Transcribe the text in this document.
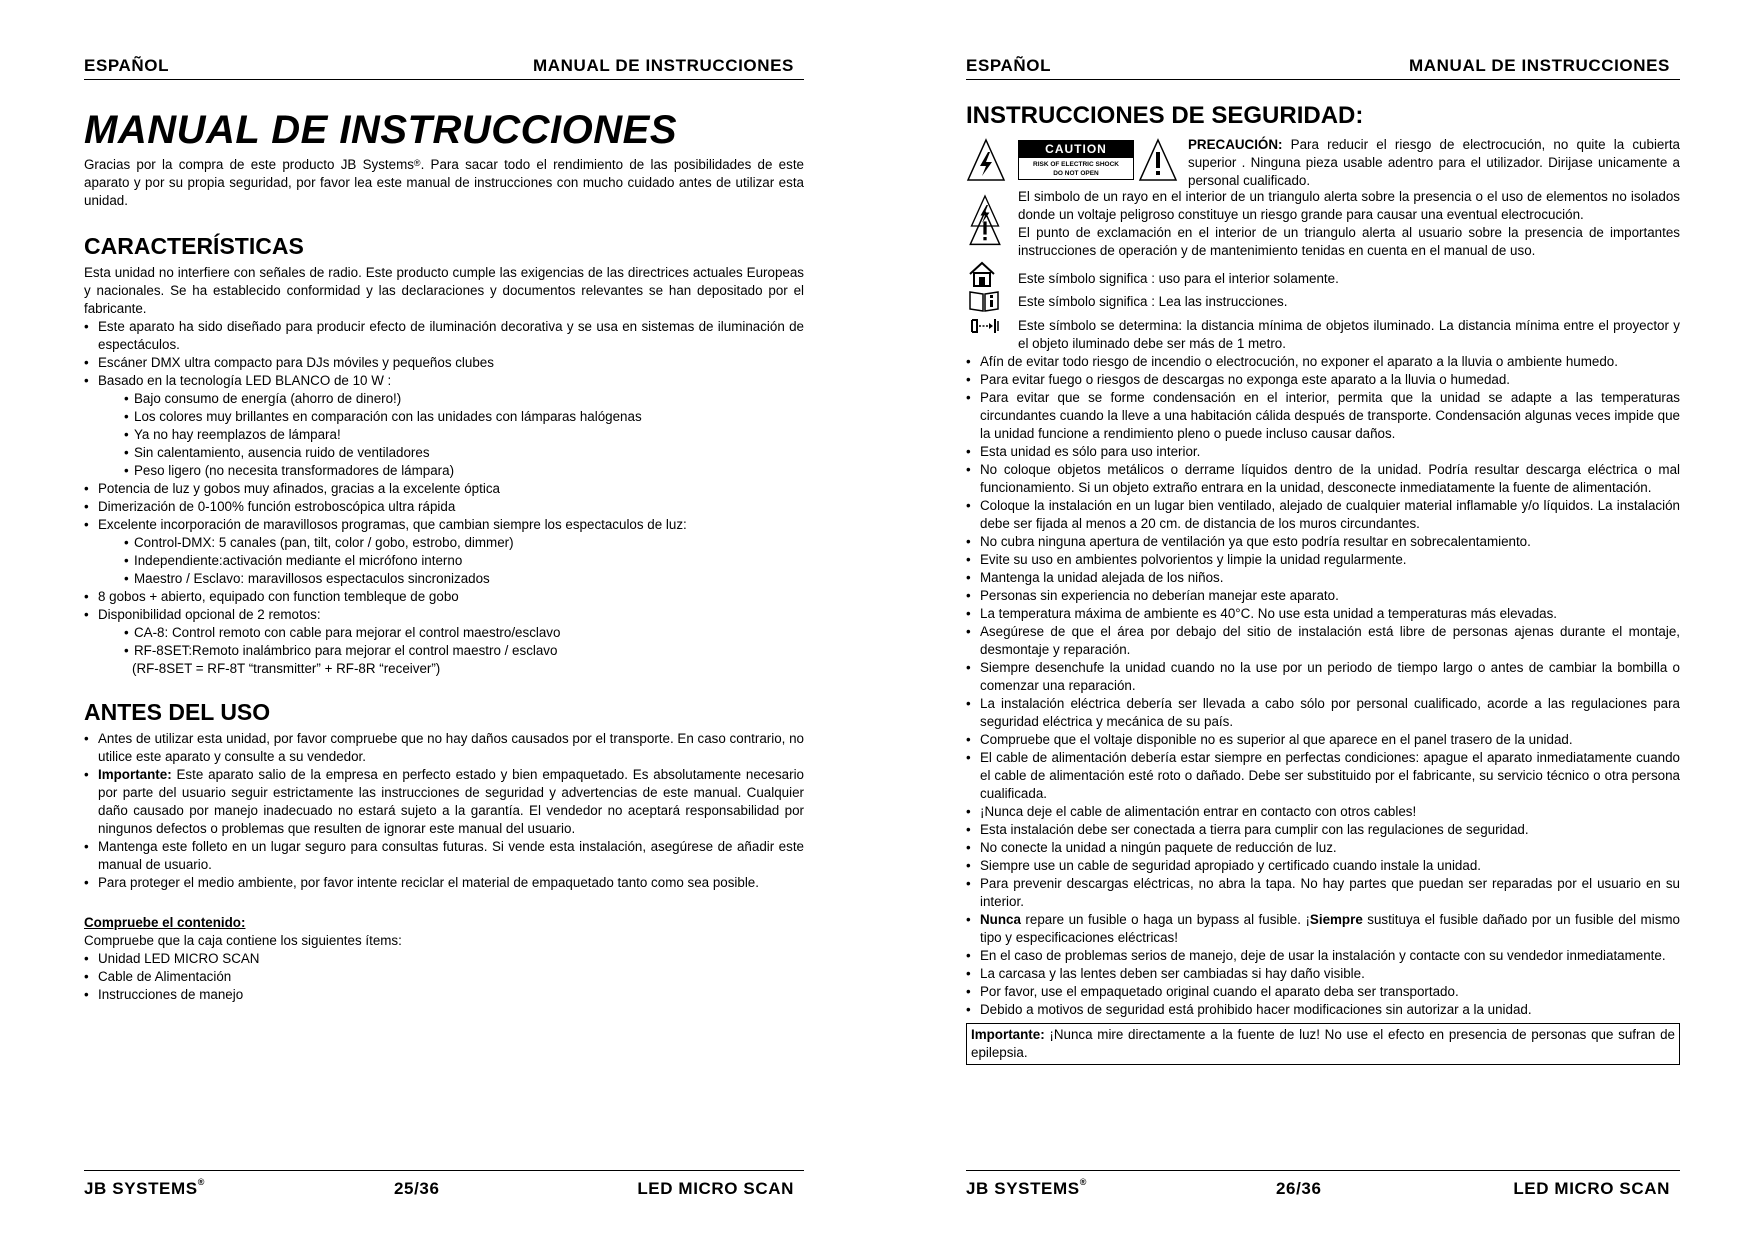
ESPAÑOL	MANUAL DE INSTRUCCIONES
MANUAL DE INSTRUCCIONES

Gracias por la compra de este producto JB Systems®. Para sacar todo el rendimiento de las posibilidades de este aparato y por su propia seguridad, por favor lea este manual de instrucciones con mucho cuidado antes de utilizar esta unidad.

CARACTERÍSTICAS

Esta unidad no interfiere con señales de radio. Este producto cumple las exigencias de las directrices actuales Europeas y nacionales. Se ha establecido conformidad y las declaraciones y documentos relevantes se han depositado por el fabricante.

• Este aparato ha sido diseñado para producir efecto de iluminación decorativa y se usa en sistemas de iluminación de espectáculos.
• Escáner DMX ultra compacto para DJs móviles y pequeños clubes
• Basado en la tecnología LED BLANCO de 10 W :
• Bajo consumo de energía (ahorro de dinero!)
• Los colores muy brillantes en comparación con las unidades con lámparas halógenas
• Ya no hay reemplazos de lámpara!
• Sin calentamiento, ausencia ruido de ventiladores
• Peso ligero (no necesita transformadores de lámpara)
• Potencia de luz y gobos muy afinados, gracias a la excelente óptica
• Dimerización de 0-100% función estroboscópica ultra rápida
• Excelente incorporación de maravillosos programas, que cambian siempre los espectaculos de luz:
• Control-DMX: 5 canales (pan, tilt, color / gobo, estrobo, dimmer)
• Independiente:activación mediante el micrófono interno
• Maestro / Esclavo: maravillosos espectaculos sincronizados
• 8 gobos + abierto, equipado con function tembleque de gobo
• Disponibilidad opcional de 2 remotos:
• CA-8: Control remoto con cable para mejorar el control maestro/esclavo
• RF-8SET:Remoto inalámbrico para mejorar el control maestro / esclavo

(RF-8SET = RF-8T “transmitter” + RF-8R “receiver”)

ANTES DEL USO
• Antes de utilizar esta unidad, por favor compruebe que no hay daños causados por el transporte. En caso contrario, no utilice este aparato y consulte a su vendedor.
• Importante: Este aparato salio de la empresa en perfecto estado y bien empaquetado. Es absolutamente necesario por parte del usuario seguir estrictamente las instrucciones de seguridad y advertencias de este manual. Cualquier daño causado por manejo inadecuado no estará sujeto a la garantía. El vendedor no aceptará responsabilidad por ningunos defectos o problemas que resulten de ignorar este manual del usuario.
• Mantenga este folleto en un lugar seguro para consultas futuras. Si vende esta instalación, asegúrese de añadir este manual de usuario.
• Para proteger el medio ambiente, por favor intente reciclar el material de empaquetado tanto como sea posible.

Compruebe el contenido:

Compruebe que la caja contiene los siguientes ítems:

• Unidad LED MICRO SCAN
• Cable de Alimentación
• Instrucciones de manejo
JB SYSTEMS®	25/36	LED MICRO SCAN
ESPAÑOL	MANUAL DE INSTRUCCIONES
INSTRUCCIONES DE SEGURIDAD:
CAUTION
RISK OF ELECTRIC SHOCK
DO NOT OPEN

PRECAUCIÓN: Para reducir el riesgo de electrocución, no quite la cubierta superior . Ninguna pieza usable adentro para el utilizador. Dirijase unicamente a personal cualificado.

El simbolo de un rayo en el interior de un triangulo alerta sobre la presencia o el uso de elementos no isolados donde un voltaje peligroso constituye un riesgo grande para causar una eventual electrocución.
El punto de exclamación en el interior de un triangulo alerta al usuario sobre la presencia de importantes instrucciones de operación y de mantenimiento tenidas en cuenta en el manual de uso.
Este símbolo significa : uso para el interior solamente.
Este símbolo significa : Lea las instrucciones.
Este símbolo se determina: la distancia mínima de objetos iluminado. La distancia mínima entre el proyector y el objeto iluminado debe ser más de 1 metro.
• Afín de evitar todo riesgo de incendio o electrocución, no exponer el aparato a la lluvia o ambiente humedo.
• Para evitar fuego o riesgos de descargas no exponga este aparato a la lluvia o humedad.
• Para evitar que se forme condensación en el interior, permita que la unidad se adapte a las temperaturas circundantes cuando la lleve a una habitación cálida después de transporte. Condensación algunas veces impide que la unidad funcione a rendimiento pleno o puede incluso causar daños.
• Esta unidad es sólo para uso interior.
• No coloque objetos metálicos o derrame líquidos dentro de la unidad. Podría resultar descarga eléctrica o mal funcionamiento. Si un objeto extraño entrara en la unidad, desconecte inmediatamente la fuente de alimentación.
• Coloque la instalación en un lugar bien ventilado, alejado de cualquier material inflamable y/o líquidos. La instalación debe ser fijada al menos a 20 cm. de distancia de los muros circundantes.
• No cubra ninguna apertura de ventilación ya que esto podría resultar en sobrecalentamiento.
• Evite su uso en ambientes polvorientos y limpie la unidad regularmente.
• Mantenga la unidad alejada de los niños.
• Personas sin experiencia no deberían manejar este aparato.
• La temperatura máxima de ambiente es 40°C. No use esta unidad a temperaturas más elevadas.
• Asegúrese de que el área por debajo del sitio de instalación está libre de personas ajenas durante el montaje, desmontaje y reparación.
• Siempre desenchufe la unidad cuando no la use por un periodo de tiempo largo o antes de cambiar la bombilla o comenzar una reparación.
• La instalación eléctrica debería ser llevada a cabo sólo por personal cualificado, acorde a las regulaciones para seguridad eléctrica y mecánica de su país.
• Compruebe que el voltaje disponible no es superior al que aparece en el panel trasero de la unidad.
• El cable de alimentación debería estar siempre en perfectas condiciones: apague el aparato inmediatamente cuando el cable de alimentación esté roto o dañado. Debe ser substituido por el fabricante, su servicio técnico o otra persona cualificada.
• ¡Nunca deje el cable de alimentación entrar en contacto con otros cables!
• Esta instalación debe ser conectada a tierra para cumplir con las regulaciones de seguridad.
• No conecte la unidad a ningún paquete de reducción de luz.
• Siempre use un cable de seguridad apropiado y certificado cuando instale la unidad.
• Para prevenir descargas eléctricas, no abra la tapa. No hay partes que puedan ser reparadas por el usuario en su interior.
• Nunca repare un fusible o haga un bypass al fusible. ¡Siempre sustituya el fusible dañado por un fusible del mismo tipo y especificaciones eléctricas!
• En el caso de problemas serios de manejo, deje de usar la instalación y contacte con su vendedor inmediatamente.
• La carcasa y las lentes deben ser cambiadas si hay daño visible.
• Por favor, use el empaquetado original cuando el aparato deba ser transportado.
• Debido a motivos de seguridad está prohibido hacer modificaciones sin autorizar a la unidad.
Importante: ¡Nunca mire directamente a la fuente de luz! No use el efecto en presencia de personas que sufran de epilepsia.
JB SYSTEMS®	26/36	LED MICRO SCAN
